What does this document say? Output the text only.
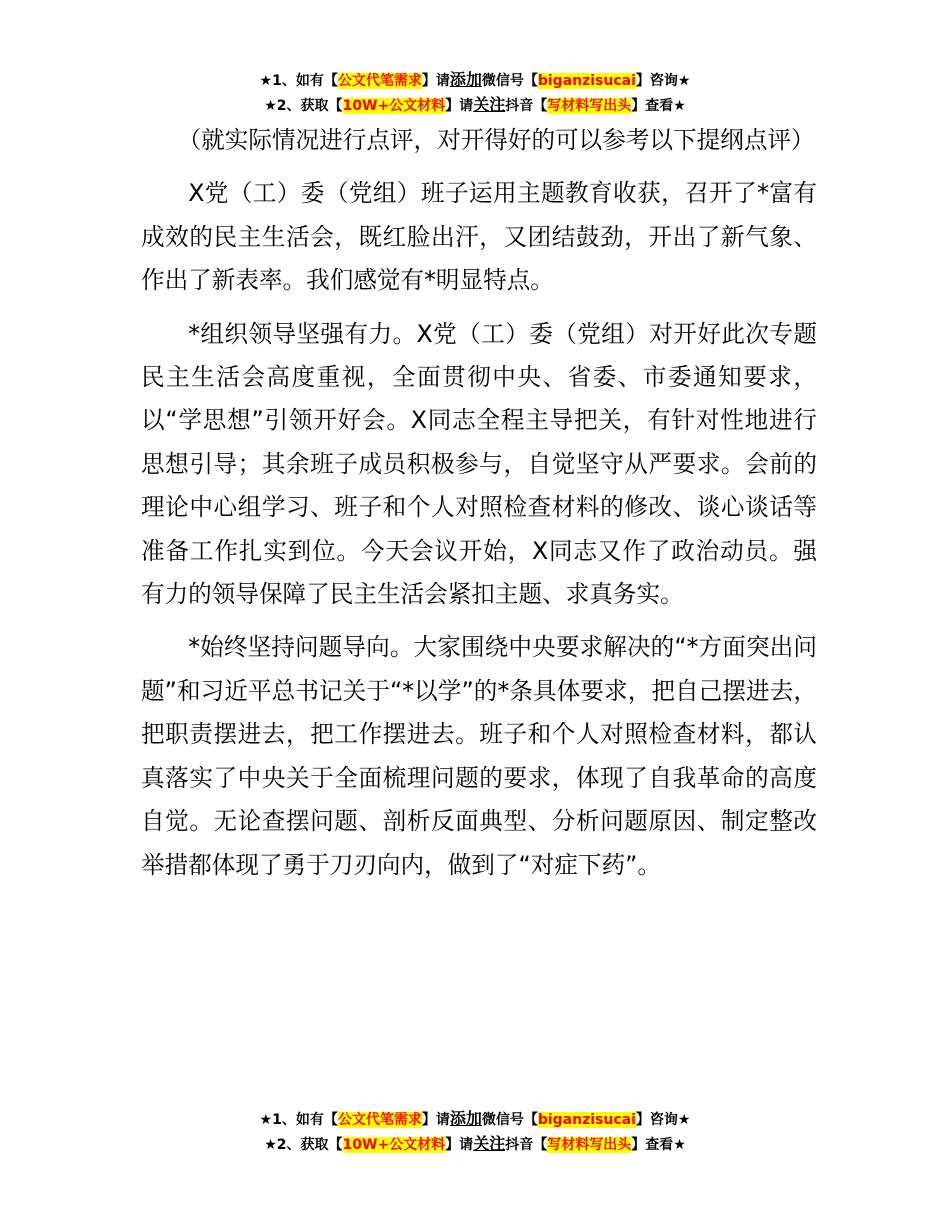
★1、如有【公文代笔需求】请添加微信号【biganzisucai】咨询★
★2、获取【10W+公文材料】请关注抖音【写材料写出头】查看★

（就实际情况进行点评，对开得好的可以参考以下提纲点评）

X党（工）委（党组）班子运用主题教育收获，召开了*富有成效的民主生活会，既红脸出汗，又团结鼓劲，开出了新气象、作出了新表率。我们感觉有*明显特点。

*组织领导坚强有力。X党（工）委（党组）对开好此次专题民主生活会高度重视，全面贯彻中央、省委、市委通知要求，以“学思想”引领开好会。X同志全程主导把关，有针对性地进行思想引导；其余班子成员积极参与，自觉坚守从严要求。会前的理论中心组学习、班子和个人对照检查材料的修改、谈心谈话等准备工作扎实到位。今天会议开始，X同志又作了政治动员。强有力的领导保障了民主生活会紧扣主题、求真务实。

*始终坚持问题导向。大家围绕中央要求解决的“*方面突出问题”和习近平总书记关于“*以学”的*条具体要求，把自己摆进去，把职责摆进去，把工作摆进去。班子和个人对照检查材料，都认真落实了中央关于全面梳理问题的要求，体现了自我革命的高度自觉。无论查摆问题、剖析反面典型、分析问题原因、制定整改举措都体现了勇于刀刃向内，做到了“对症下药”。

★1、如有【公文代笔需求】请添加微信号【biganzisucai】咨询★
★2、获取【10W+公文材料】请关注抖音【写材料写出头】查看★
